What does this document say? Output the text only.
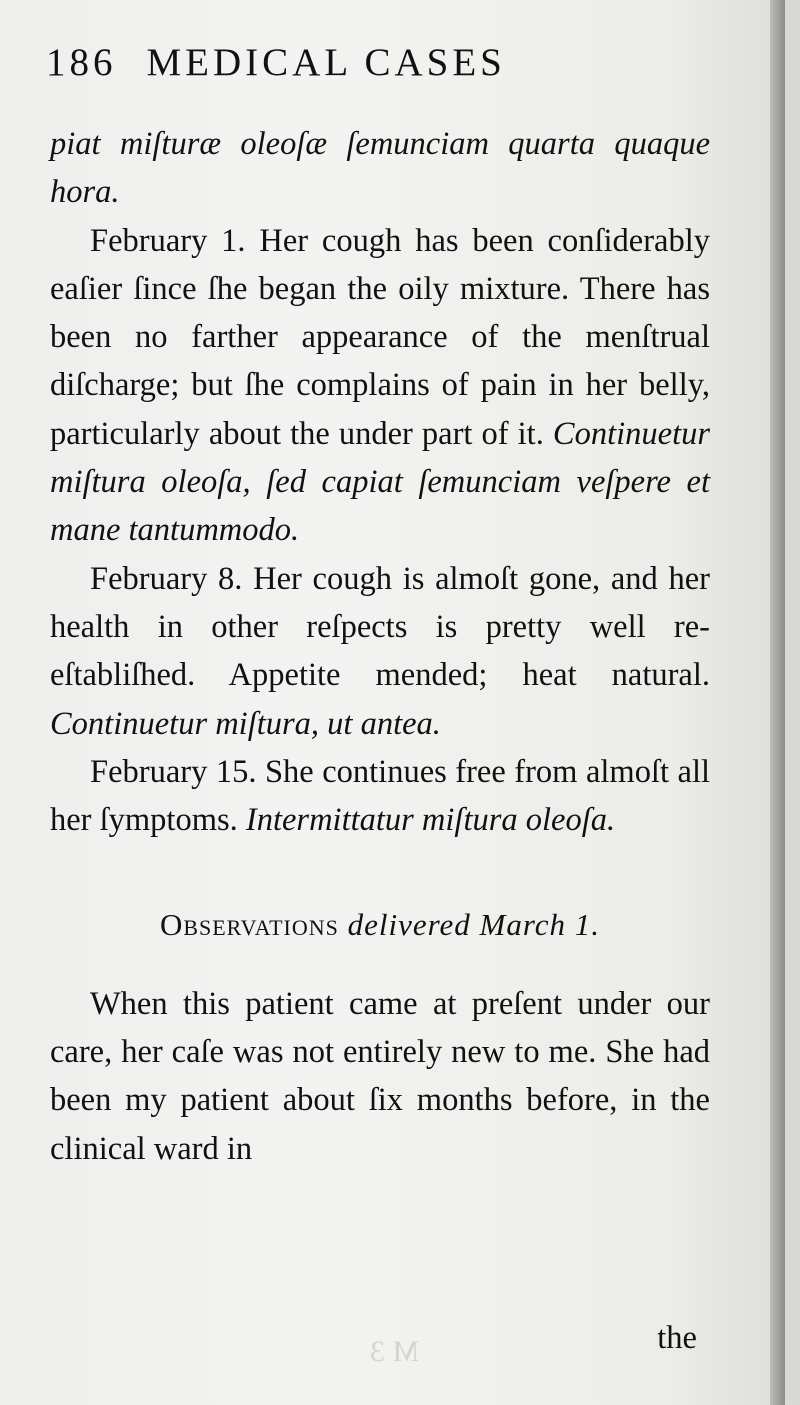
186 MEDICAL CASES

piat miſturæ oleoſæ ſemunciam quarta quaque hora.

February 1. Her cough has been conſiderably eaſier ſince ſhe began the oily mixture. There has been no farther appearance of the menſtrual diſcharge; but ſhe complains of pain in her belly, particularly about the under part of it. Continuetur miſtura oleoſa, ſed capiat ſemunciam veſpere et mane tantummodo.

February 8. Her cough is almoſt gone, and her health in other reſpects is pretty well re-eſtabliſhed. Appetite mended; heat natural. Continuetur miſtura, ut antea.

February 15. She continues free from almoſt all her ſymptoms. Intermittatur miſtura oleoſa.

Observations delivered March 1.

When this patient came at preſent under our care, her caſe was not entirely new to me. She had been my patient about ſix months before, in the clinical ward in

M 3	the
